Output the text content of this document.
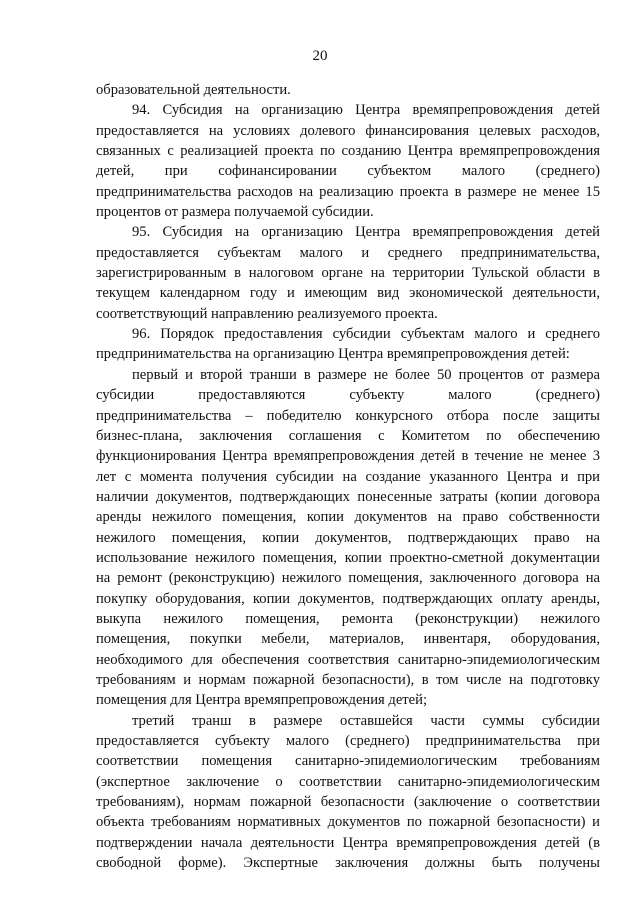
20
образовательной деятельности.
94. Субсидия на организацию Центра времяпрепровождения детей
предоставляется на условиях долевого финансирования целевых расходов,
связанных с реализацией проекта по созданию Центра времяпрепровождения
детей, при софинансировании субъектом малого (среднего)
предпринимательства расходов на реализацию проекта в размере не менее 15
процентов от размера получаемой субсидии.
95. Субсидия на организацию Центра времяпрепровождения детей
предоставляется субъектам малого и среднего предпринимательства,
зарегистрированным в налоговом органе на территории Тульской области в
текущем календарном году и имеющим вид экономической деятельности,
соответствующий направлению реализуемого проекта.
96. Порядок предоставления субсидии субъектам малого и среднего
предпринимательства на организацию Центра времяпрепровождения детей:
первый и второй транши в размере не более 50 процентов от размера
субсидии предоставляются субъекту малого (среднего)
предпринимательства – победителю конкурсного отбора после защиты
бизнес-плана, заключения соглашения с Комитетом по обеспечению
функционирования Центра времяпрепровождения детей в течение не менее 3
лет с момента получения субсидии на создание указанного Центра и при
наличии документов, подтверждающих понесенные затраты (копии договора
аренды нежилого помещения, копии документов на право собственности
нежилого помещения, копии документов, подтверждающих право на
использование нежилого помещения, копии проектно-сметной документации
на ремонт (реконструкцию) нежилого помещения, заключенного договора на
покупку оборудования, копии документов, подтверждающих оплату аренды,
выкупа нежилого помещения, ремонта (реконструкции) нежилого
помещения, покупки мебели, материалов, инвентаря, оборудования,
необходимого для обеспечения соответствия санитарно-эпидемиологическим
требованиям и нормам пожарной безопасности), в том числе на подготовку
помещения для Центра времяпрепровождения детей;
третий транш в размере оставшейся части суммы субсидии
предоставляется субъекту малого (среднего) предпринимательства при
соответствии помещения санитарно-эпидемиологическим требованиям
(экспертное заключение о соответствии санитарно-эпидемиологическим
требованиям), нормам пожарной безопасности (заключение о соответствии
объекта требованиям нормативных документов по пожарной безопасности) и
подтверждении начала деятельности Центра времяпрепровождения детей (в
свободной форме). Экспертные заключения должны быть получены
